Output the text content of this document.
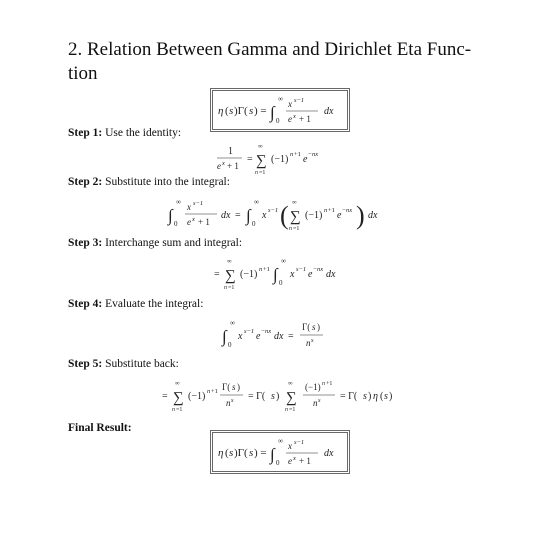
2. Relation Between Gamma and Dirichlet Eta Func-
tion
η ( s )Γ( s ) = ∫
∞
0
x s−1
e x + 1
dx
Step 1: Use the identity:
1
e x + 1
=
∞
∑
n =1
(−1) n +1 e − nx
Step 2: Substitute into the integral:
∫
∞
0
x s−1
e x + 1
dx = ∫
∞
0
x s−1 ( ∞
∑
n =1
(−1) n +1 e − nx ) dx
Step 3: Interchange sum and integral:
=
∞
∑
n =1
(−1) n +1 ∫
∞
0
x s−1 e − nx dx
Step 4: Evaluate the integral:
∫
∞
0
x s−1 e − nx dx =
Γ( s )
n s
Step 5: Substitute back:
=
∞
∑
n =1
(−1) n +1 Γ( s )
n s = Γ( s )
∞
∑
n =1
(−1) n +1
n s = Γ( s ) η ( s )
Final Result:
η ( s )Γ( s ) = ∫
∞
0
x s−1
e x + 1
dx
